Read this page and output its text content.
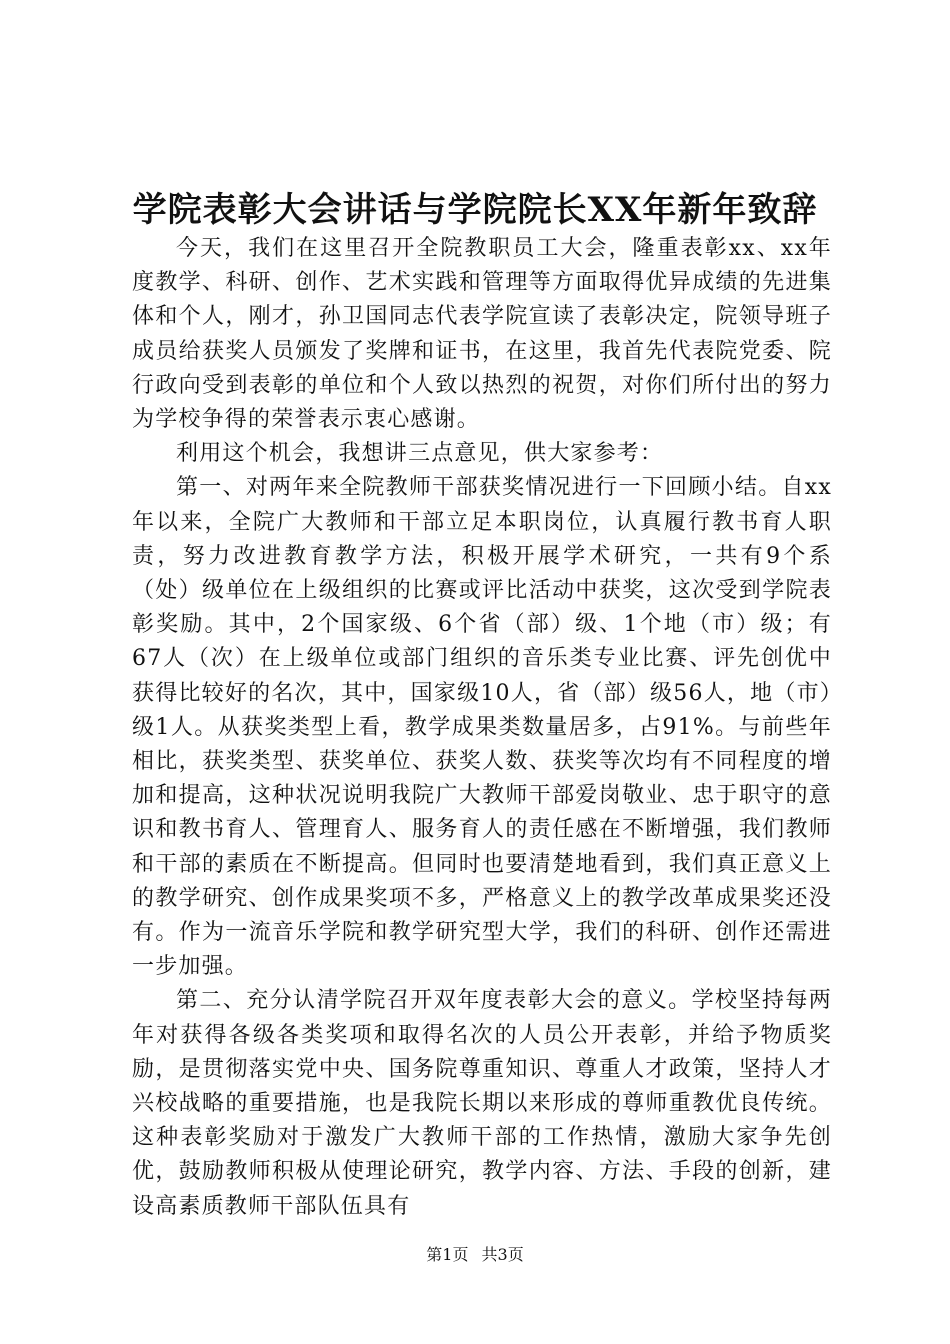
学院表彰大会讲话与学院院长XX年新年致辞

今天，我们在这里召开全院教职员工大会，隆重表彰xx、xx年度教学、科研、创作、艺术实践和管理等方面取得优异成绩的先进集体和个人，刚才，孙卫国同志代表学院宣读了表彰决定，院领导班子成员给获奖人员颁发了奖牌和证书，在这里，我首先代表院党委、院行政向受到表彰的单位和个人致以热烈的祝贺，对你们所付出的努力为学校争得的荣誉表示衷心感谢。

利用这个机会，我想讲三点意见，供大家参考：

第一、对两年来全院教师干部获奖情况进行一下回顾小结。自xx年以来，全院广大教师和干部立足本职岗位，认真履行教书育人职责，努力改进教育教学方法，积极开展学术研究，一共有9个系（处）级单位在上级组织的比赛或评比活动中获奖，这次受到学院表彰奖励。其中，2个国家级、6个省（部）级、1个地（市）级；有67人（次）在上级单位或部门组织的音乐类专业比赛、评先创优中获得比较好的名次，其中，国家级10人，省（部）级56人，地（市）级1人。从获奖类型上看，教学成果类数量居多，占91%。与前些年相比，获奖类型、获奖单位、获奖人数、获奖等次均有不同程度的增加和提高，这种状况说明我院广大教师干部爱岗敬业、忠于职守的意识和教书育人、管理育人、服务育人的责任感在不断增强，我们教师和干部的素质在不断提高。但同时也要清楚地看到，我们真正意义上的教学研究、创作成果奖项不多，严格意义上的教学改革成果奖还没有。作为一流音乐学院和教学研究型大学，我们的科研、创作还需进一步加强。

第二、充分认清学院召开双年度表彰大会的意义。学校坚持每两年对获得各级各类奖项和取得名次的人员公开表彰，并给予物质奖励，是贯彻落实党中央、国务院尊重知识、尊重人才政策，坚持人才兴校战略的重要措施，也是我院长期以来形成的尊师重教优良传统。这种表彰奖励对于激发广大教师干部的工作热情，激励大家争先创优，鼓励教师积极从使理论研究，教学内容、方法、手段的创新，建设高素质教师干部队伍具有

第1页 共3页
